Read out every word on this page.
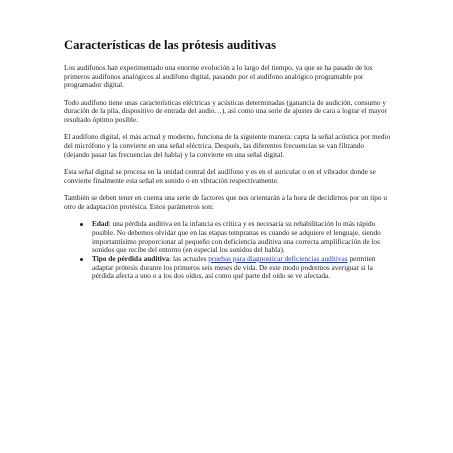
Características de las prótesis auditivas

Los audífonos han experimentado una enorme evolución a lo largo del tiempo, ya que se ha pasado de los primeros audífonos analógicos al audífono digital, pasando por el audífono analógico programable por programador digital.

Todo audífono tiene unas características eléctricas y acústicas determinadas (ganancia de audición, consumo y duración de la pila, dispositivo de entrada del audio…), así como una serie de ajustes de cara a lograr el mayor resultado óptimo posible.

El audífono digital, el más actual y moderno, funciona de la siguiente manera: capta la señal acústica por medio del micrófono y la convierte en una señal eléctrica. Después, las diferentes frecuencias se van filtrando (dejando pasar las frecuencias del habla) y la convierte en una señal digital.

Esta señal digital se procesa en la unidad central del audífono y es en el auricular o en el vibrador donde se convierte finalmente esta señal en sonido o en vibración respectivamente.

También se deben tener en cuenta una serie de factores que nos orientarán a la hora de decidirnos por un tipo u otro de adaptación protésica. Estos parámetros son:

Edad: una pérdida auditiva en la infancia es crítica y es necesaria su rehabilitación lo más rápido posible. No debemos olvidar que en las etapas tempranas es cuando se adquiere el lenguaje, siendo importantísimo proporcionar al pequeño con deficiencia auditiva una correcta amplificación de los sonidos que recibe del entorno (en especial los sonidos del habla).
Tipo de pérdida auditiva: las actuales pruebas para diagnosticar deficiencias auditivas permiten adaptar prótesis durante los primeros seis meses de vida. De este modo podremos averiguar si la pérdida afecta a uno o a los dos oídos, así como qué parte del oído se ve afectada.
